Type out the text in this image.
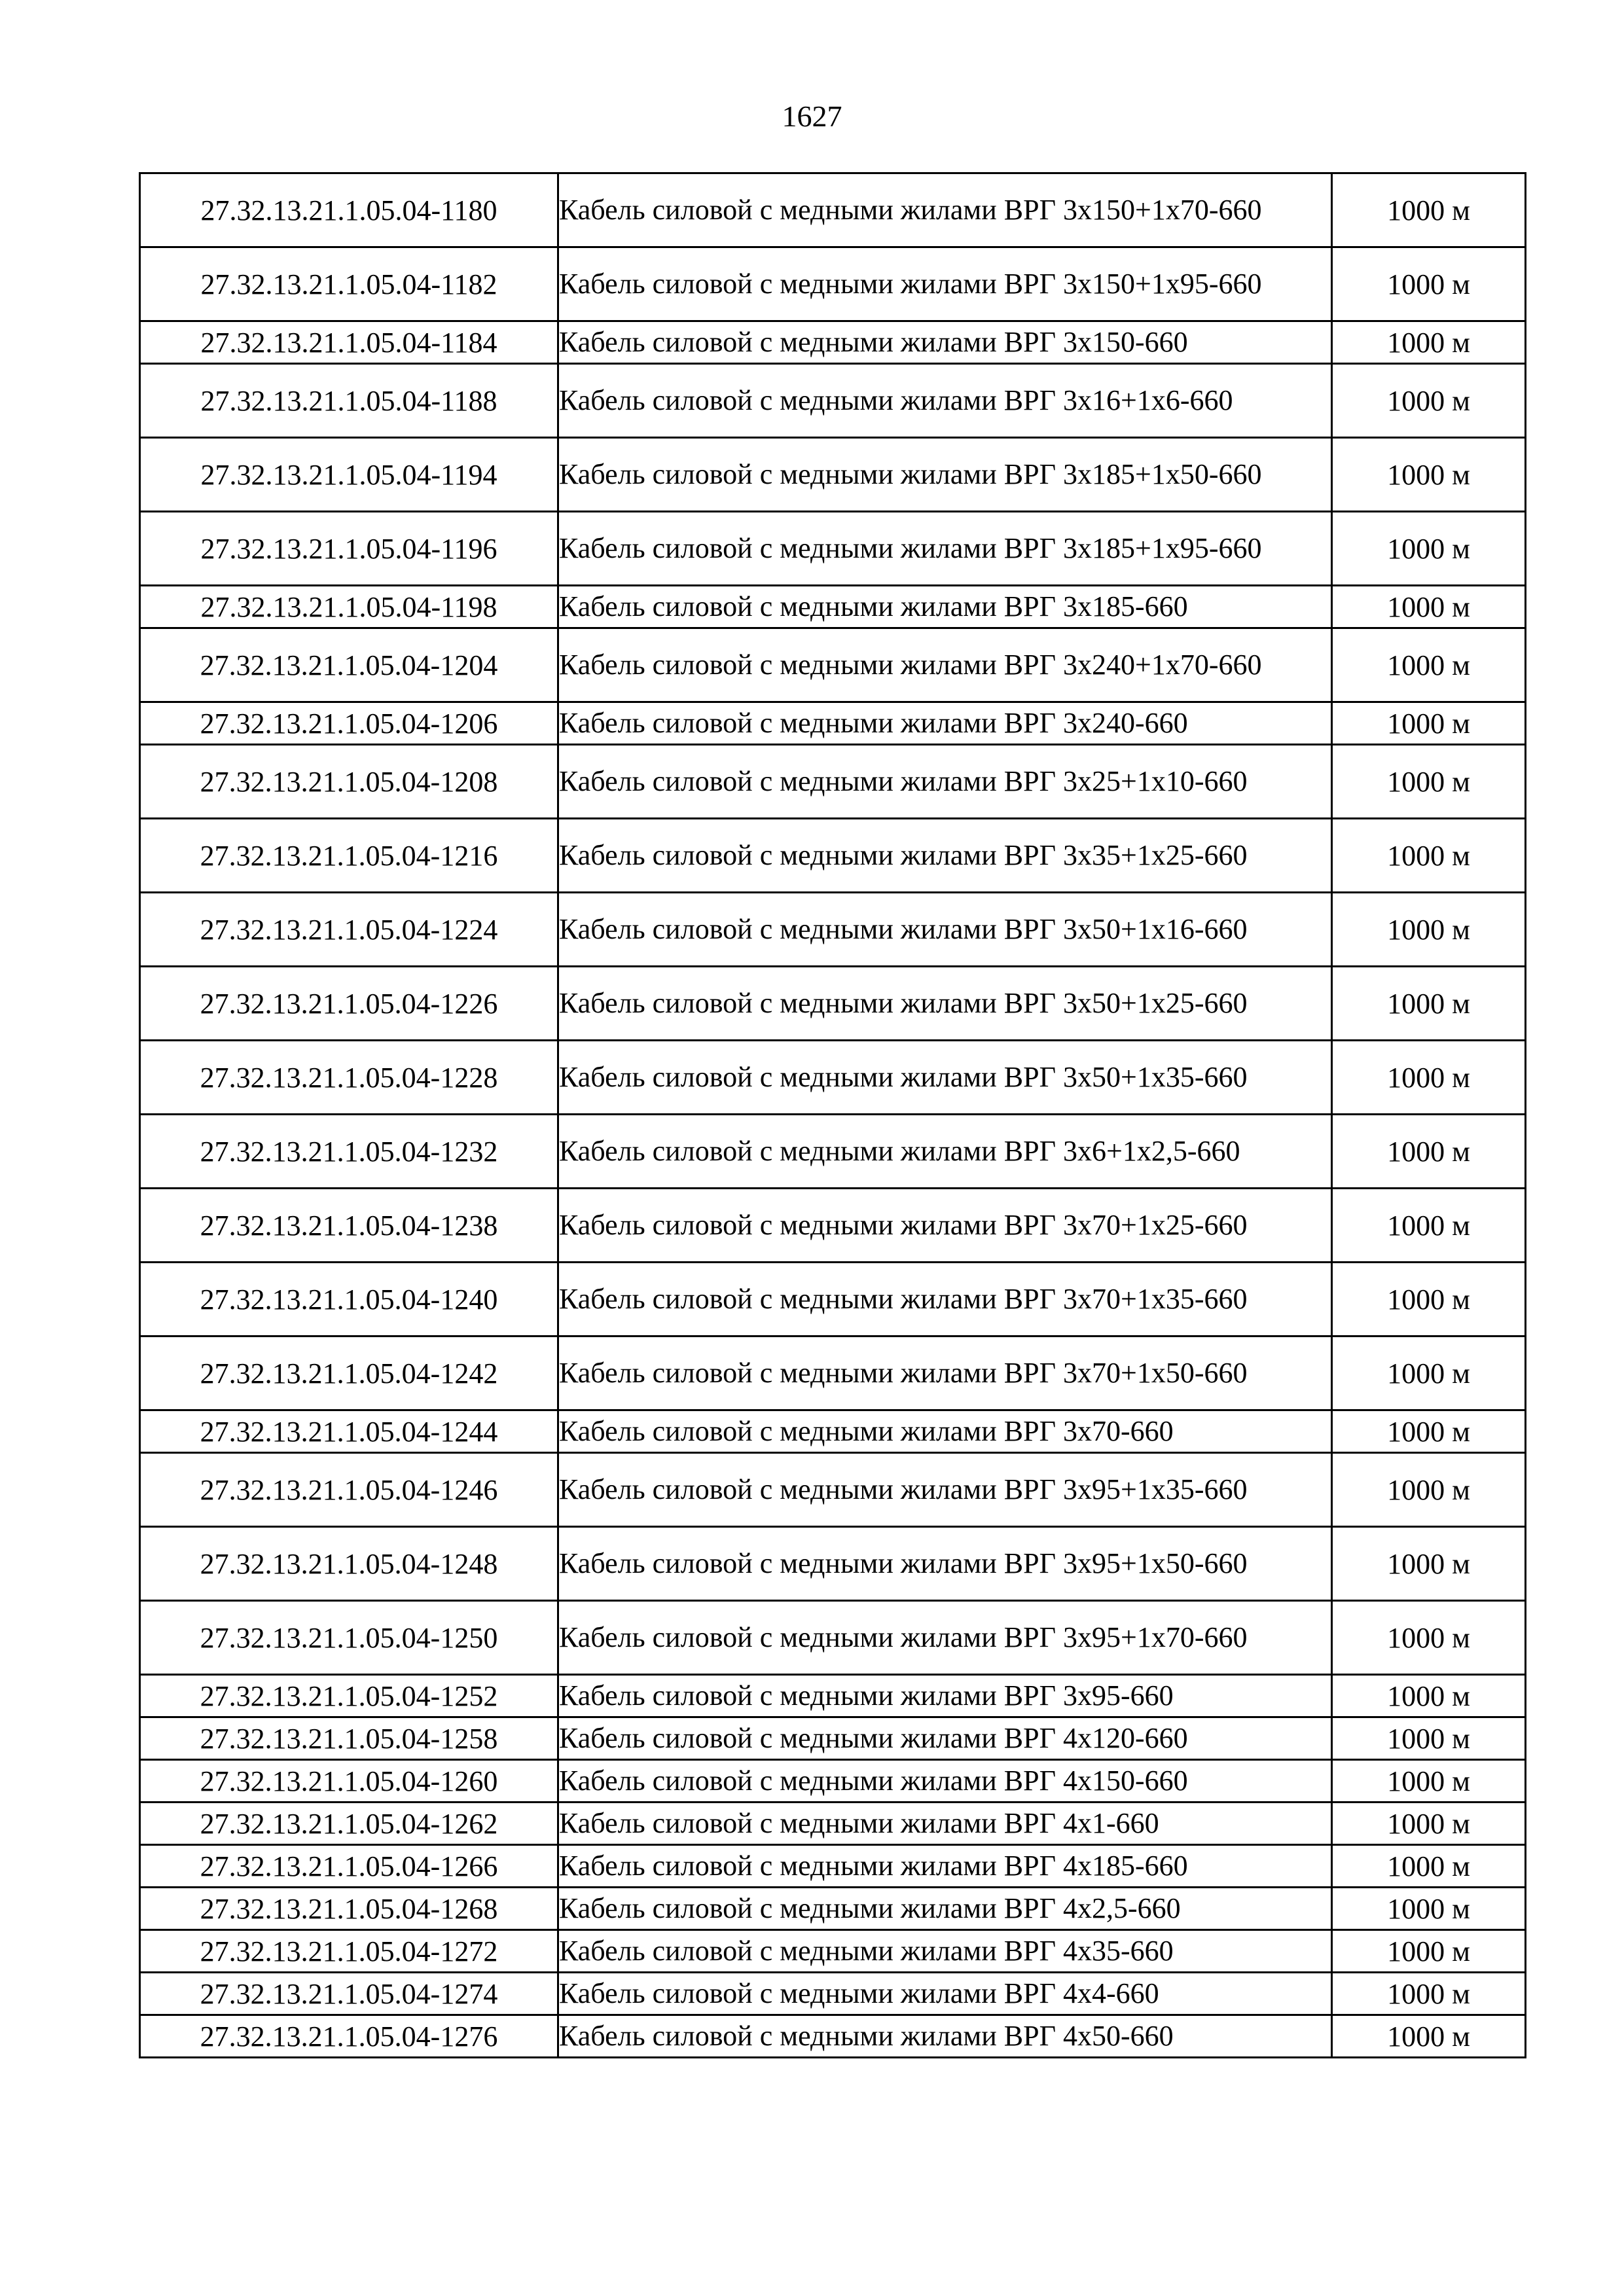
1627
27.32.13.21.1.05.04-1180	Кабель силовой с медными жилами ВРГ 3х150+1х70-660	1000 м
27.32.13.21.1.05.04-1182	Кабель силовой с медными жилами ВРГ 3х150+1х95-660	1000 м
27.32.13.21.1.05.04-1184	Кабель силовой с медными жилами ВРГ 3х150-660	1000 м
27.32.13.21.1.05.04-1188	Кабель силовой с медными жилами ВРГ 3х16+1х6-660	1000 м
27.32.13.21.1.05.04-1194	Кабель силовой с медными жилами ВРГ 3х185+1х50-660	1000 м
27.32.13.21.1.05.04-1196	Кабель силовой с медными жилами ВРГ 3х185+1х95-660	1000 м
27.32.13.21.1.05.04-1198	Кабель силовой с медными жилами ВРГ 3х185-660	1000 м
27.32.13.21.1.05.04-1204	Кабель силовой с медными жилами ВРГ 3х240+1х70-660	1000 м
27.32.13.21.1.05.04-1206	Кабель силовой с медными жилами ВРГ 3х240-660	1000 м
27.32.13.21.1.05.04-1208	Кабель силовой с медными жилами ВРГ 3х25+1х10-660	1000 м
27.32.13.21.1.05.04-1216	Кабель силовой с медными жилами ВРГ 3х35+1х25-660	1000 м
27.32.13.21.1.05.04-1224	Кабель силовой с медными жилами ВРГ 3х50+1х16-660	1000 м
27.32.13.21.1.05.04-1226	Кабель силовой с медными жилами ВРГ 3х50+1х25-660	1000 м
27.32.13.21.1.05.04-1228	Кабель силовой с медными жилами ВРГ 3х50+1х35-660	1000 м
27.32.13.21.1.05.04-1232	Кабель силовой с медными жилами ВРГ 3х6+1х2,5-660	1000 м
27.32.13.21.1.05.04-1238	Кабель силовой с медными жилами ВРГ 3х70+1х25-660	1000 м
27.32.13.21.1.05.04-1240	Кабель силовой с медными жилами ВРГ 3х70+1х35-660	1000 м
27.32.13.21.1.05.04-1242	Кабель силовой с медными жилами ВРГ 3х70+1х50-660	1000 м
27.32.13.21.1.05.04-1244	Кабель силовой с медными жилами ВРГ 3х70-660	1000 м
27.32.13.21.1.05.04-1246	Кабель силовой с медными жилами ВРГ 3х95+1х35-660	1000 м
27.32.13.21.1.05.04-1248	Кабель силовой с медными жилами ВРГ 3х95+1х50-660	1000 м
27.32.13.21.1.05.04-1250	Кабель силовой с медными жилами ВРГ 3х95+1х70-660	1000 м
27.32.13.21.1.05.04-1252	Кабель силовой с медными жилами ВРГ 3х95-660	1000 м
27.32.13.21.1.05.04-1258	Кабель силовой с медными жилами ВРГ 4х120-660	1000 м
27.32.13.21.1.05.04-1260	Кабель силовой с медными жилами ВРГ 4х150-660	1000 м
27.32.13.21.1.05.04-1262	Кабель силовой с медными жилами ВРГ 4х1-660	1000 м
27.32.13.21.1.05.04-1266	Кабель силовой с медными жилами ВРГ 4х185-660	1000 м
27.32.13.21.1.05.04-1268	Кабель силовой с медными жилами ВРГ 4х2,5-660	1000 м
27.32.13.21.1.05.04-1272	Кабель силовой с медными жилами ВРГ 4х35-660	1000 м
27.32.13.21.1.05.04-1274	Кабель силовой с медными жилами ВРГ 4х4-660	1000 м
27.32.13.21.1.05.04-1276	Кабель силовой с медными жилами ВРГ 4х50-660	1000 м
